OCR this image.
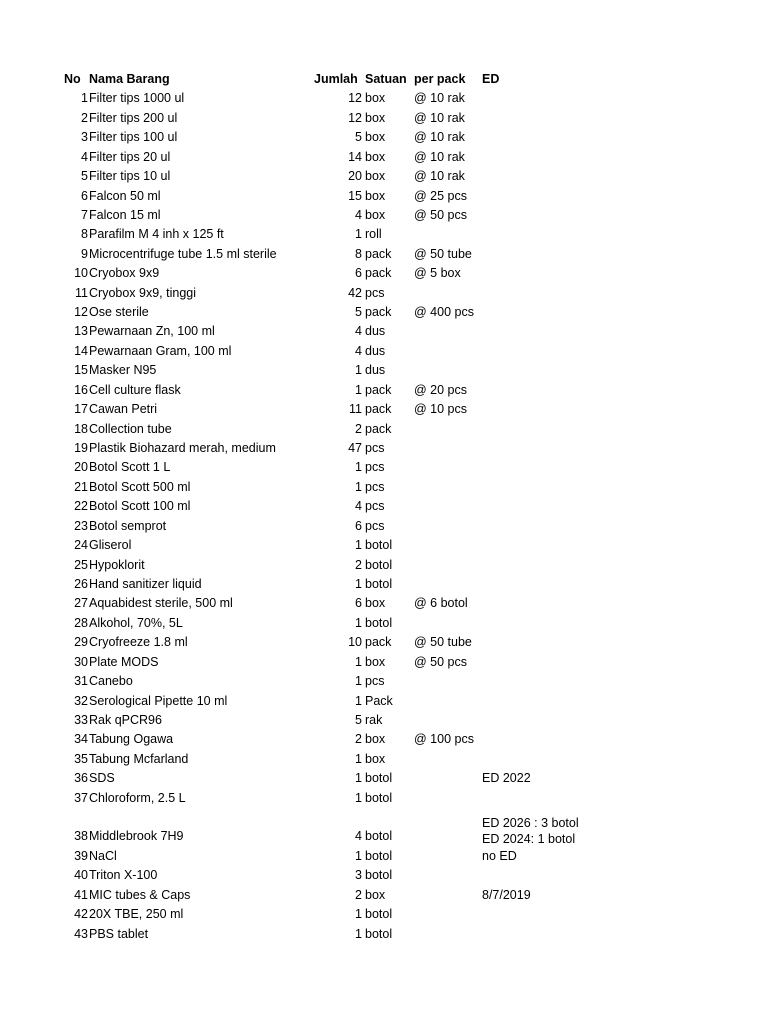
No Nama Barang	Jumlah Satuan per pack ED
1 Filter tips 1000 ul	12 box @ 10 rak
2 Filter tips 200 ul	12 box @ 10 rak
3 Filter tips 100 ul	5 box @ 10 rak
4 Filter tips 20 ul	14 box @ 10 rak
5 Filter tips 10 ul	20 box @ 10 rak
6 Falcon 50 ml	15 box @ 25 pcs
7 Falcon 15 ml	4 box @ 50 pcs
8 Parafilm M 4 inh x 125 ft	1 roll
9 Microcentrifuge tube 1.5 ml sterile	8 pack @ 50 tube
10 Cryobox 9x9	6 pack @ 5 box
11 Cryobox 9x9, tinggi	42 pcs
12 Ose sterile	5 pack @ 400 pcs
13 Pewarnaan Zn, 100 ml	4 dus
14 Pewarnaan Gram, 100 ml	4 dus
15 Masker N95	1 dus
16 Cell culture flask	1 pack @ 20 pcs
17 Cawan Petri	11 pack @ 10 pcs
18 Collection tube	2 pack
19 Plastik Biohazard merah, medium	47 pcs
20 Botol Scott 1 L	1 pcs
21 Botol Scott 500 ml	1 pcs
22 Botol Scott 100 ml	4 pcs
23 Botol semprot	6 pcs
24 Gliserol	1 botol
25 Hypoklorit	2 botol
26 Hand sanitizer liquid	1 botol
27 Aquabidest sterile, 500 ml	6 box @ 6 botol
28 Alkohol, 70%, 5L	1 botol
29 Cryofreeze 1.8 ml	10 pack @ 50 tube
30 Plate MODS	1 box @ 50 pcs
31 Canebo	1 pcs
32 Serological Pipette 10 ml	1 Pack
33 Rak qPCR96	5 rak
34 Tabung Ogawa	2 box @ 100 pcs
35 Tabung Mcfarland	1 box
36 SDS	1 botol	ED 2022
37 Chloroform, 2.5 L	1 botol
38 Middlebrook 7H9	4 botol
ED 2026 : 3 botol
ED 2024: 1 botol
39 NaCl	1 botol	no ED
40 Triton X-100	3 botol
41 MIC tubes & Caps	2 box	8/7/2019
42 20X TBE, 250 ml	1 botol
43 PBS tablet	1 botol
